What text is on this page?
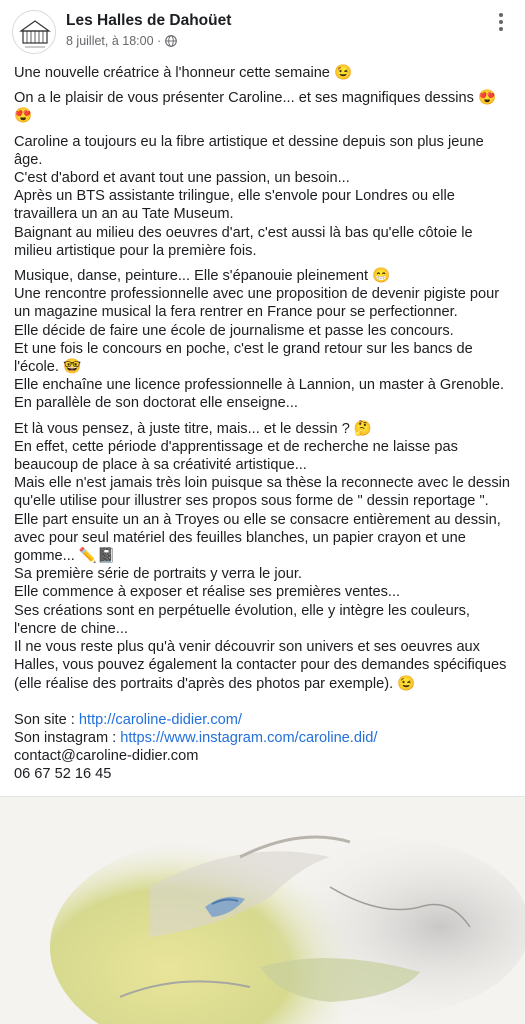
Les Halles de Dahoüet
8 juillet, à 18:00 ·

Une nouvelle créatrice à l'honneur cette semaine 😉

On a le plaisir de vous présenter Caroline... et ses magnifiques dessins 😍😍

Caroline a toujours eu la fibre artistique et dessine depuis son plus jeune âge.

C'est d'abord et avant tout une passion, un besoin...

Après un BTS assistante trilingue, elle s'envole pour Londres ou elle travaillera un an au Tate Museum.

Baignant au milieu des oeuvres d'art, c'est aussi là bas qu'elle côtoie le milieu artistique pour la première fois.

Musique, danse, peinture... Elle s'épanouie pleinement 😁

Une rencontre professionnelle avec une proposition de devenir pigiste pour un magazine musical la fera rentrer en France pour se perfectionner.

Elle décide de faire une école de journalisme et passe les concours.

Et une fois le concours en poche, c'est le grand retour sur les bancs de l'école. 🤓

Elle enchaîne une licence professionnelle à Lannion, un master à Grenoble.

En parallèle de son doctorat elle enseigne...

Et là vous pensez, à juste titre, mais... et le dessin ? 🤔

En effet, cette période d'apprentissage et de recherche ne laisse pas beaucoup de place à sa créativité artistique...

Mais elle n'est jamais très loin puisque sa thèse la reconnecte avec le dessin qu'elle utilise pour illustrer ses propos sous forme de " dessin reportage ".

Elle part ensuite un an à Troyes ou elle se consacre entièrement au dessin, avec pour seul matériel des feuilles blanches, un papier crayon et une gomme... ✏️📓

Sa première série de portraits y verra le jour.

Elle commence à exposer et réalise ses premières ventes...

Ses créations sont en perpétuelle évolution, elle y intègre les couleurs, l'encre de chine...

Il ne vous reste plus qu'à venir découvrir son univers et ses oeuvres aux Halles, vous pouvez également la contacter pour des demandes spécifiques (elle réalise des portraits d'après des photos par exemple). 😉

Son site : http://caroline-didier.com/

Son instagram : https://www.instagram.com/caroline.did/

contact@caroline-didier.com

06 67 52 16 45
